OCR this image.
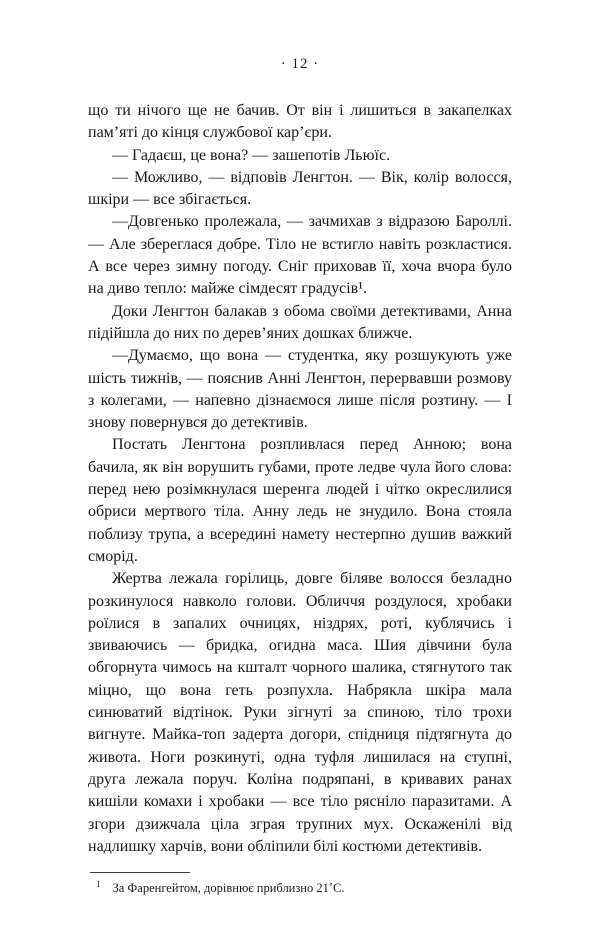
· 12 ·

що ти нічого ще не бачив. От він і лишиться в закапелках пам’яті до кінця службової кар’єри.

— Гадаєш, це вона? — зашепотів Льюїс.

— Можливо, — відповів Ленгтон. — Вік, колір волосся, шкіри — все збігається.

—Довгенько пролежала, — зачмихав з відразою Бароллі. — Але збереглася добре. Тіло не встигло навіть розкластися. А все через зимну погоду. Сніг приховав її, хоча вчора було на диво тепло: майже сімдесят градусів¹.

Доки Ленгтон балакав з обома своїми детективами, Анна підійшла до них по дерев’яних дошках ближче.

—Думаємо, що вона — студентка, яку розшукують уже шість тижнів, — пояснив Анні Ленгтон, перервавши розмову з колегами, — напевно дізнаємося лише після розтину. — І знову повернувся до детективів.

Постать Ленгтона розпливлася перед Анною; вона бачила, як він ворушить губами, проте ледве чула його слова: перед нею розімкнулася шеренга людей і чітко окреслилися обриси мертвого тіла. Анну ледь не знудило. Вона стояла поблизу трупа, а всередині намету нестерпно душив важкий сморід.

Жертва лежала горілиць, довге біляве волосся безладно розкинулося навколо голови. Обличчя роздулося, хробаки роїлися в запалих очницях, ніздрях, роті, кублячись і звиваючись — бридка, огидна маса. Шия дівчини була обгорнута чимось на кшталт чорного шалика, стягнутого так міцно, що вона геть розпухла. Набрякла шкіра мала синюватий відтінок. Руки зігнуті за спиною, тіло трохи вигнуте. Майка-топ задерта догори, спідниця підтягнута до живота. Ноги розкинуті, одна туфля лишилася на ступні, друга лежала поруч. Коліна подряпані, в кривавих ранах кишіли комахи і хробаки — все тіло рясніло паразитами. А згори дзижчала ціла зграя трупних мух. Оскаженілі від надлишку харчів, вони обліпили білі костюми детективів.

$^1$ За Фаренгейтом, дорівнює приблизно 21˚С.
